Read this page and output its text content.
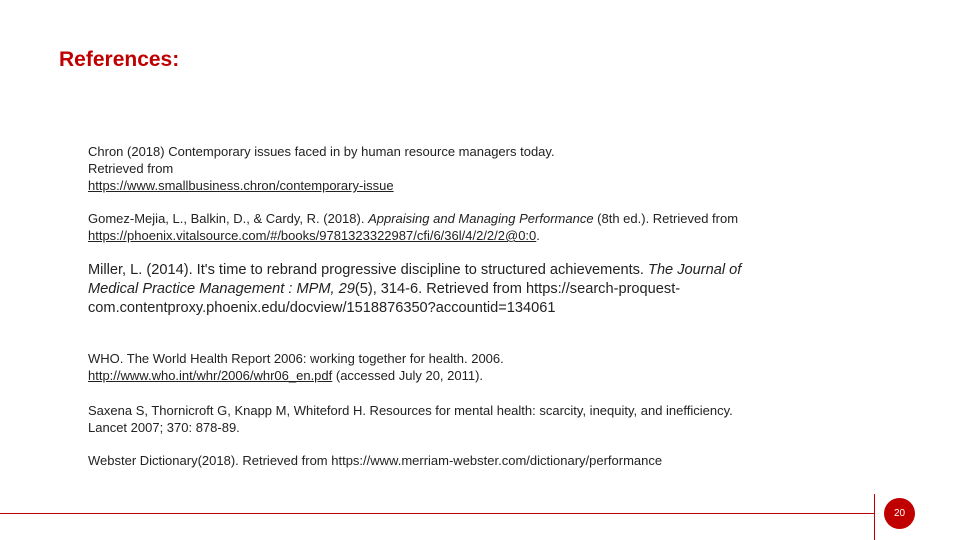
References:
Chron (2018) Contemporary issues faced in by human resource managers today.
Retrieved from
https://www.smallbusiness.chron/contemporary-issue
Gomez-Mejia, L., Balkin, D., & Cardy, R. (2018). Appraising and Managing Performance (8th ed.). Retrieved from
https://phoenix.vitalsource.com/#/books/9781323322987/cfi/6/36l/4/2/2/2@0:0.
Miller, L. (2014). It's time to rebrand progressive discipline to structured achievements. The Journal of Medical Practice Management : MPM, 29(5), 314-6. Retrieved from https://search-proquest-com.contentproxy.phoenix.edu/docview/1518876350?accountid=134061
WHO. The World Health Report 2006: working together for health. 2006.
http://www.who.int/whr/2006/whr06_en.pdf (accessed July 20, 2011).
Saxena S, Thornicroft G, Knapp M, Whiteford H. Resources for mental health: scarcity, inequity, and inefficiency.
Lancet 2007; 370: 878-89.
Webster Dictionary(2018). Retrieved from https://www.merriam-webster.com/dictionary/performance
20
